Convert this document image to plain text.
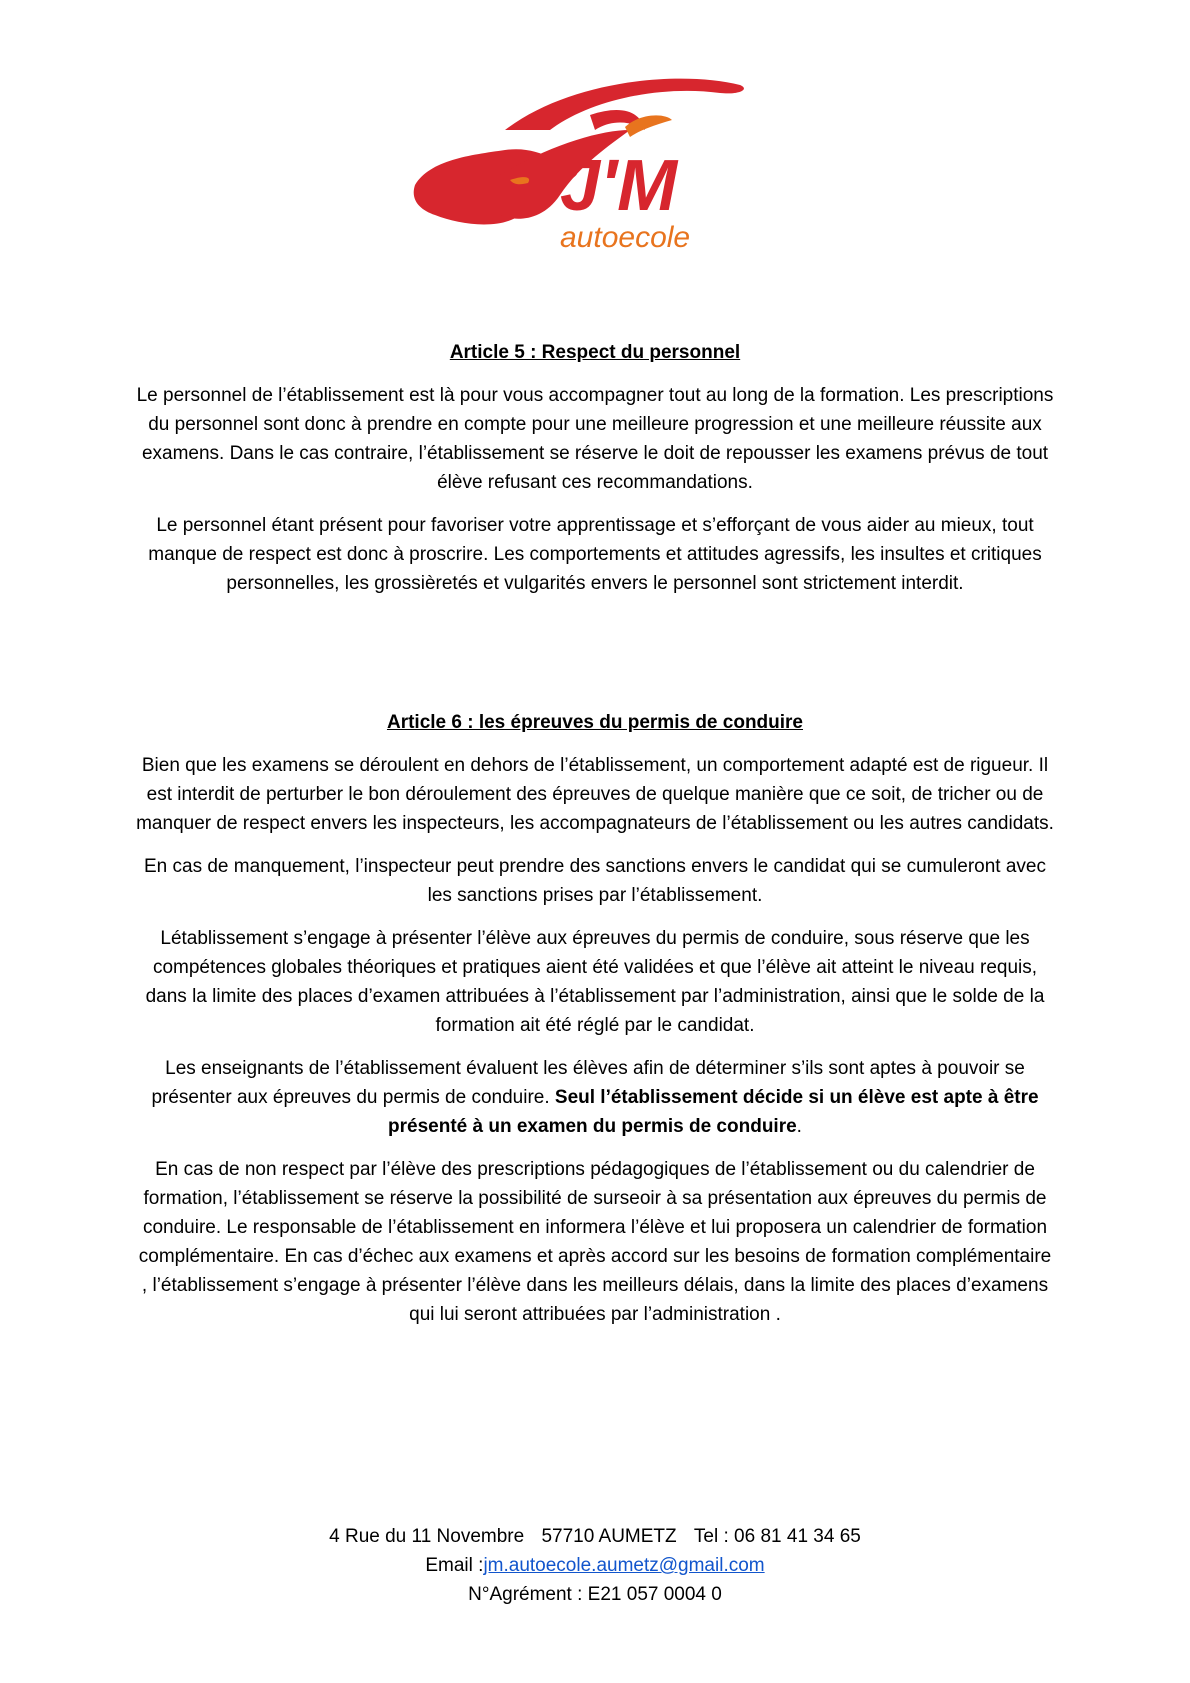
J'M
autoecole
Article 5 : Respect du personnel

Le personnel de l’établissement est là pour vous accompagner tout au long de la formation. Les prescriptions du personnel sont donc à prendre en compte pour une meilleure progression et une meilleure réussite aux examens. Dans le cas contraire, l’établissement se réserve le doit de repousser les examens prévus de tout élève refusant ces recommandations.

Le personnel étant présent pour favoriser votre apprentissage et s’efforçant de vous aider au mieux, tout manque de respect est donc à proscrire. Les comportements et attitudes agressifs, les insultes et critiques personnelles, les grossièretés et vulgarités envers le personnel sont strictement interdit.

Article 6 : les épreuves du permis de conduire

Bien que les examens se déroulent en dehors de l’établissement, un comportement adapté est de rigueur. Il est interdit de perturber le bon déroulement des épreuves de quelque manière que ce soit, de tricher ou de manquer de respect envers les inspecteurs, les accompagnateurs de l’établissement ou les autres candidats.

En cas de manquement, l’inspecteur peut prendre des sanctions envers le candidat qui se cumuleront avec les sanctions prises par l’établissement.

Létablissement s’engage à présenter l’élève aux épreuves du permis de conduire, sous réserve que les compétences globales théoriques et pratiques aient été validées et que l’élève ait atteint le niveau requis, dans la limite des places d’examen attribuées à l’établissement par l’administration, ainsi que le solde de la formation ait été réglé par le candidat.

Les enseignants de l’établissement évaluent les élèves afin de déterminer s’ils sont aptes à pouvoir se présenter aux épreuves du permis de conduire. Seul l’établissement décide si un élève est apte à être présenté à un examen du permis de conduire.

En cas de non respect par l’élève des prescriptions pédagogiques de l’établissement ou du calendrier de formation, l’établissement se réserve la possibilité de surseoir à sa présentation aux épreuves du permis de conduire. Le responsable de l’établissement en informera l’élève et lui proposera un calendrier de formation complémentaire. En cas d’échec aux examens et après accord sur les besoins de formation complémentaire , l’établissement s’engage à présenter l’élève dans les meilleurs délais, dans la limite des places d’examens qui lui seront attribuées par l’administration .

4 Rue du 11 Novembre 57710 AUMETZ Tel : 06 81 41 34 65
Email :jm.autoecole.aumetz@gmail.com
N°Agrément : E21 057 0004 0
